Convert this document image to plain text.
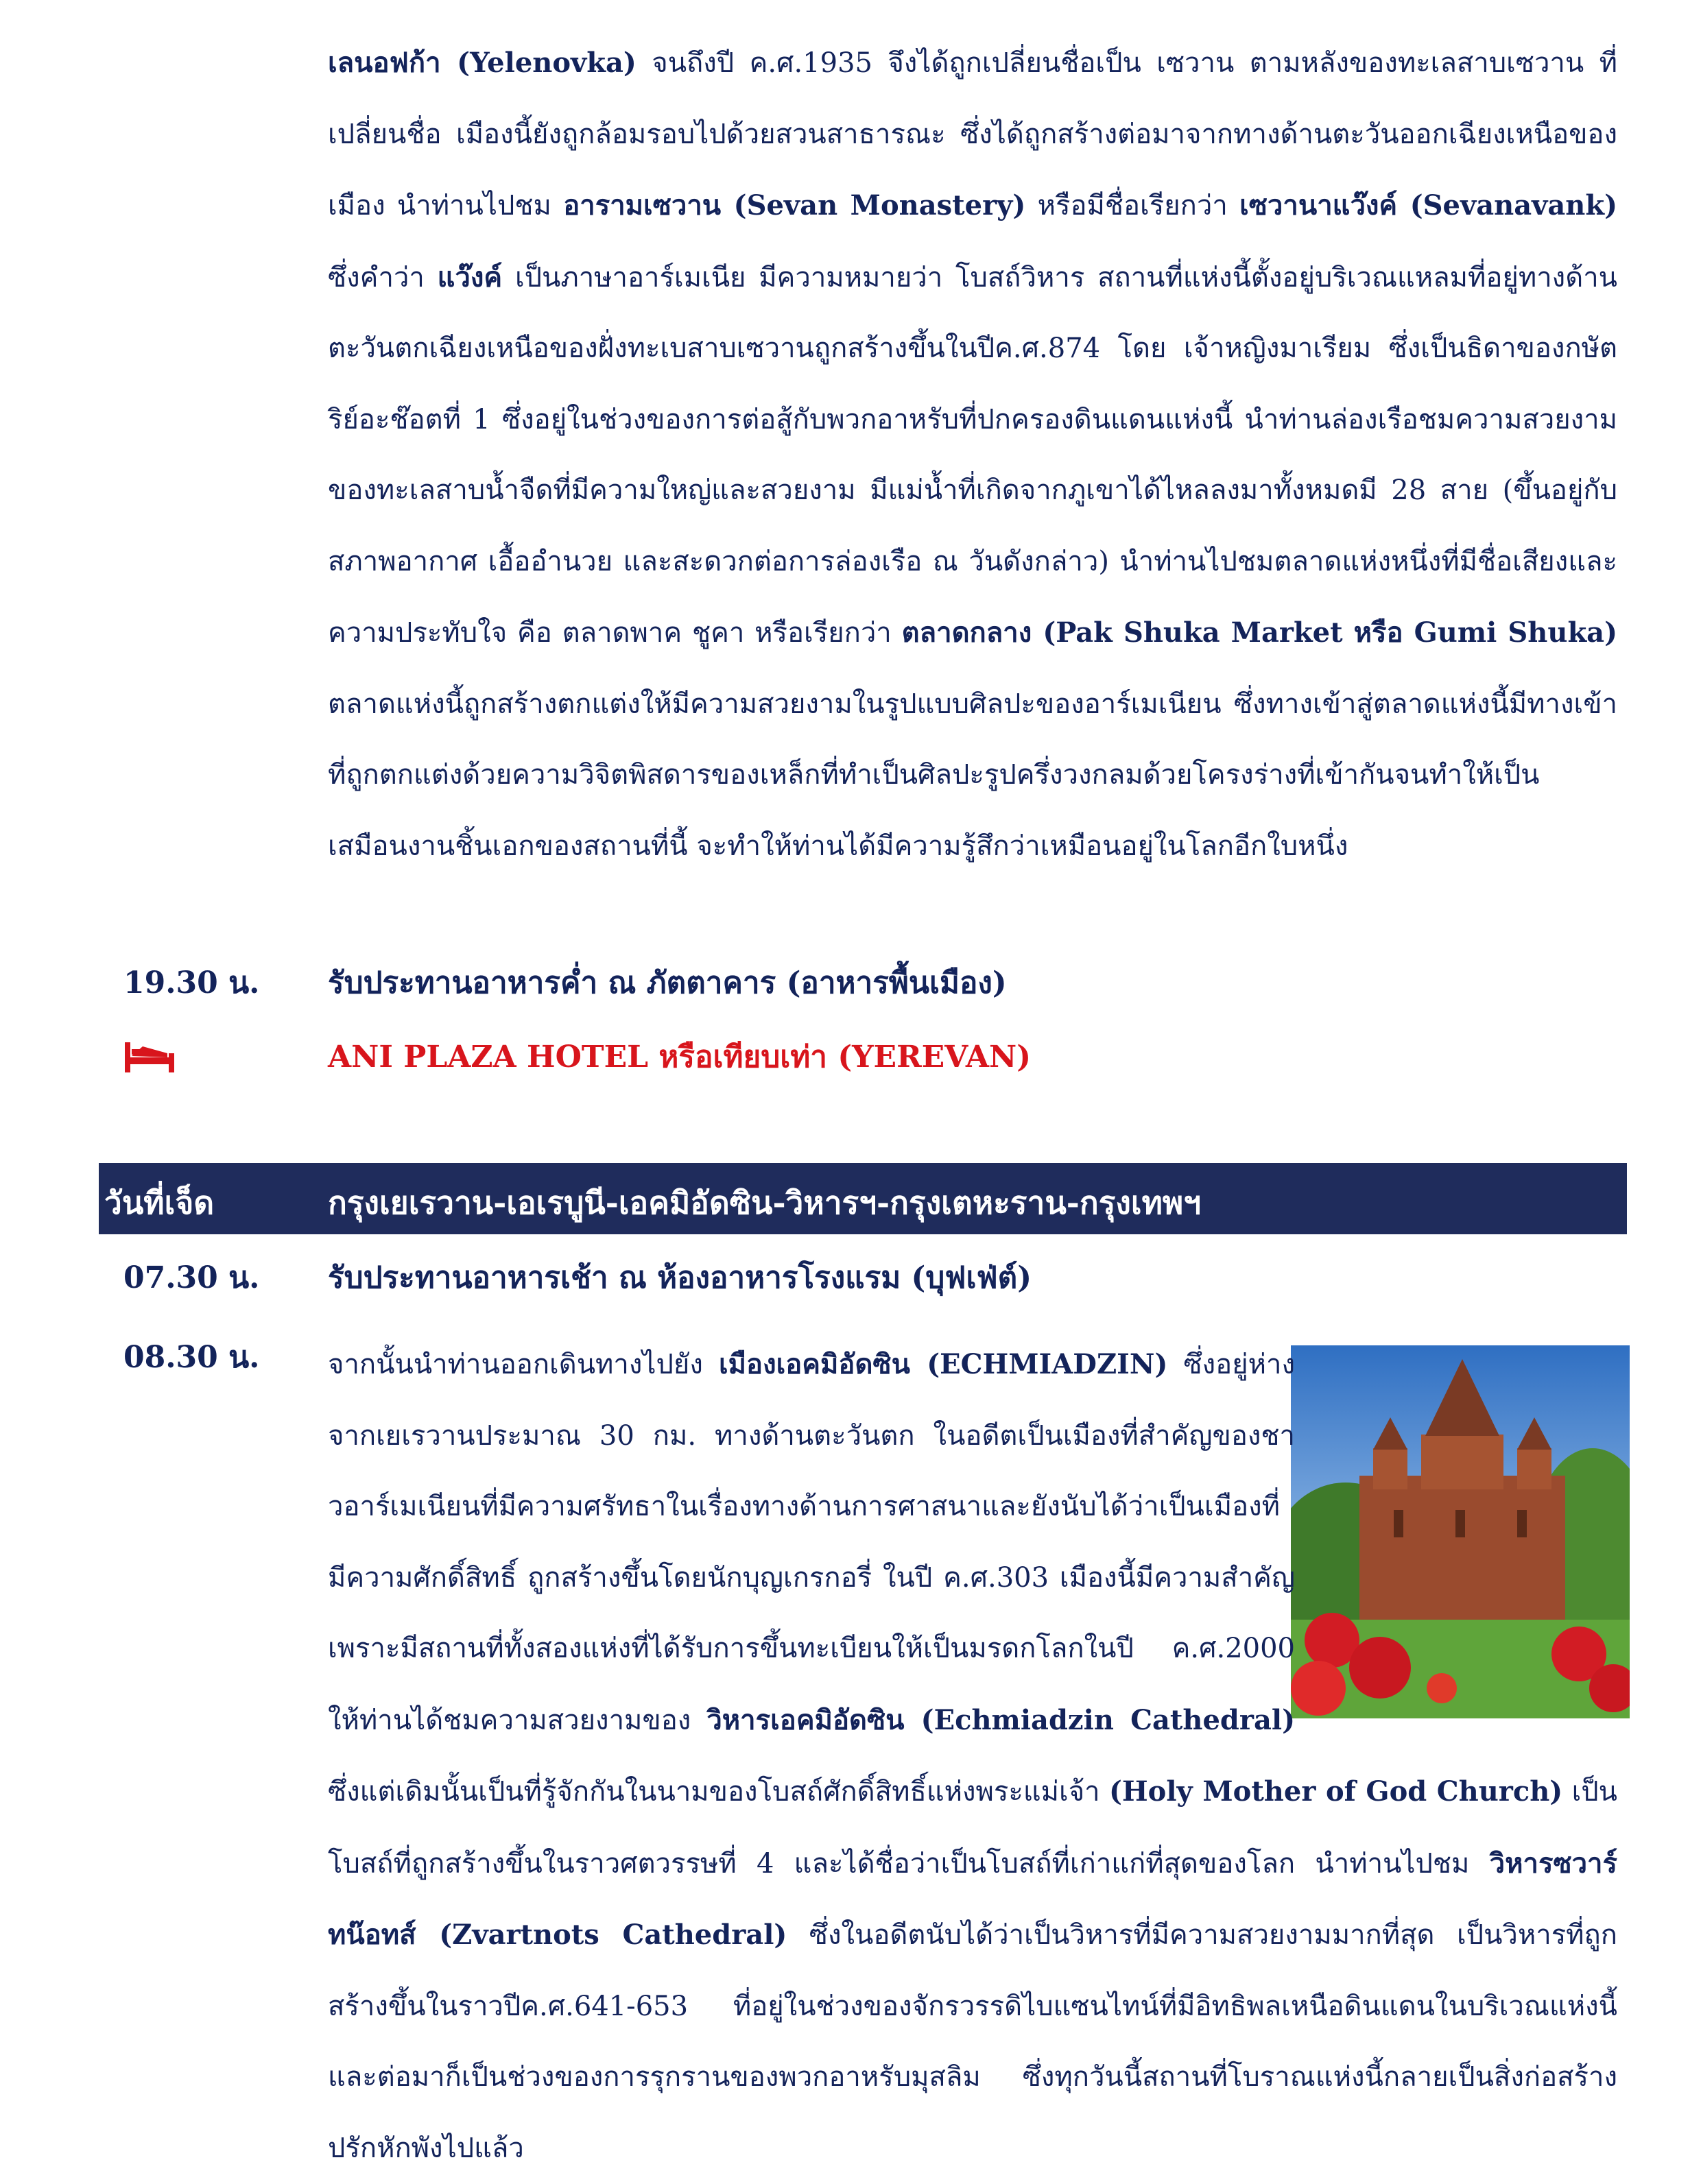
เลนอฟก้า (Yelenovka) จนถึงปี ค.ศ.1935 จึงได้ถูกเปลี่ยนชื่อเป็น เซวาน ตามหลังของทะเลสาบเซวาน ที่เปลี่ยนชื่อ เมืองนี้ยังถูกล้อมรอบไปด้วยสวนสาธารณะ ซึ่งได้ถูกสร้างต่อมาจากทางด้านตะวันออกเฉียงเหนือของเมือง นำท่านไปชม อารามเซวาน (Sevan Monastery) หรือมีชื่อเรียกว่า เซวานาแว๊งค์ (Sevanavank) ซึ่งคำว่า แว๊งค์ เป็นภาษาอาร์เมเนีย มีความหมายว่า โบสถ์วิหาร สถานที่แห่งนี้ตั้งอยู่บริเวณแหลมที่อยู่ทางด้านตะวันตกเฉียงเหนือของฝั่งทะเบสาบเซวานถูกสร้างขึ้นในปีค.ศ.874 โดย เจ้าหญิงมาเรียม ซึ่งเป็นธิดาของกษัตริย์อะช๊อตที่ 1 ซึ่งอยู่ในช่วงของการต่อสู้กับพวกอาหรับที่ปกครองดินแดนแห่งนี้ นำท่านล่องเรือชมความสวยงามของทะเลสาบน้ำจืดที่มีความใหญ่และสวยงาม มีแม่น้ำที่เกิดจากภูเขาได้ไหลลงมาทั้งหมดมี 28 สาย (ขึ้นอยู่กับสภาพอากาศ เอื้ออำนวย และสะดวกต่อการล่องเรือ ณ วันดังกล่าว) นำท่านไปชมตลาดแห่งหนึ่งที่มีชื่อเสียงและความประทับใจ คือ ตลาดพาค ชูคา หรือเรียกว่า ตลาดกลาง (Pak Shuka Market หรือ Gumi Shuka) ตลาดแห่งนี้ถูกสร้างตกแต่งให้มีความสวยงามในรูปแบบศิลปะของอาร์เมเนียน ซึ่งทางเข้าสู่ตลาดแห่งนี้มีทางเข้าที่ถูกตกแต่งด้วยความวิจิตพิสดารของเหล็กที่ทำเป็นศิลปะรูปครึ่งวงกลมด้วยโครงร่างที่เข้ากันจนทำให้เป็นเสมือนงานชิ้นเอกของสถานที่นี้ จะทำให้ท่านได้มีความรู้สึกว่าเหมือนอยู่ในโลกอีกใบหนึ่ง

19.30 น. รับประทานอาหารค่ำ ณ ภัตตาคาร (อาหารพื้นเมือง)
ANI PLAZA HOTEL หรือเทียบเท่า (YEREVAN)
วันที่เจ็ด	กรุงเยเรวาน-เอเรบูนี-เอคมิอัดซิน-วิหารฯ-กรุงเตหะราน-กรุงเทพฯ
07.30 น. รับประทานอาหารเช้า ณ ห้องอาหารโรงแรม (บุฟเฟ่ต์)
08.30 น. จากนั้นนำท่านออกเดินทางไปยัง เมืองเอคมิอัดซิน (ECHMIADZIN) ซึ่งอยู่ห่างจากเยเรวานประมาณ 30 กม. ทางด้านตะวันตก ในอดีตเป็นเมืองที่สำคัญของชาวอาร์เมเนียนที่มีความศรัทธาในเรื่องทางด้านการศาสนาและยังนับได้ว่าเป็นเมืองที่มีความศักดิ์สิทธิ์ ถูกสร้างขึ้นโดยนักบุญเกรกอรี่ ในปี ค.ศ.303 เมืองนี้มีความสำคัญเพราะมีสถานที่ทั้งสองแห่งที่ได้รับการขึ้นทะเบียนให้เป็นมรดกโลกในปี ค.ศ.2000 ให้ท่านได้ชมความสวยงามของ วิหารเอคมิอัดซิน (Echmiadzin Cathedral) ซึ่งแต่เดิมนั้นเป็นที่รู้จักกันในนามของโบสถ์ศักดิ์สิทธิ์แห่งพระแม่เจ้า (Holy Mother of God Church) เป็นโบสถ์ที่ถูกสร้างขึ้นในราวศตวรรษที่ 4 และได้ชื่อว่าเป็นโบสถ์ที่เก่าแก่ที่สุดของโลก นำท่านไปชม วิหารซวาร์ทน๊อทส์ (Zvartnots Cathedral) ซึ่งในอดีตนับได้ว่าเป็นวิหารที่มีความสวยงามมากที่สุด เป็นวิหารที่ถูกสร้างขึ้นในราวปีค.ศ.641-653 ที่อยู่ในช่วงของจักรวรรดิไบแซนไทน์ที่มีอิทธิพลเหนือดินแดนในบริเวณแห่งนี้ และต่อมาก็เป็นช่วงของการรุกรานของพวกอาหรับมุสลิม ซึ่งทุกวันนี้สถานที่โบราณแห่งนี้กลายเป็นสิ่งก่อสร้างปรักหักพังไปแล้ว
